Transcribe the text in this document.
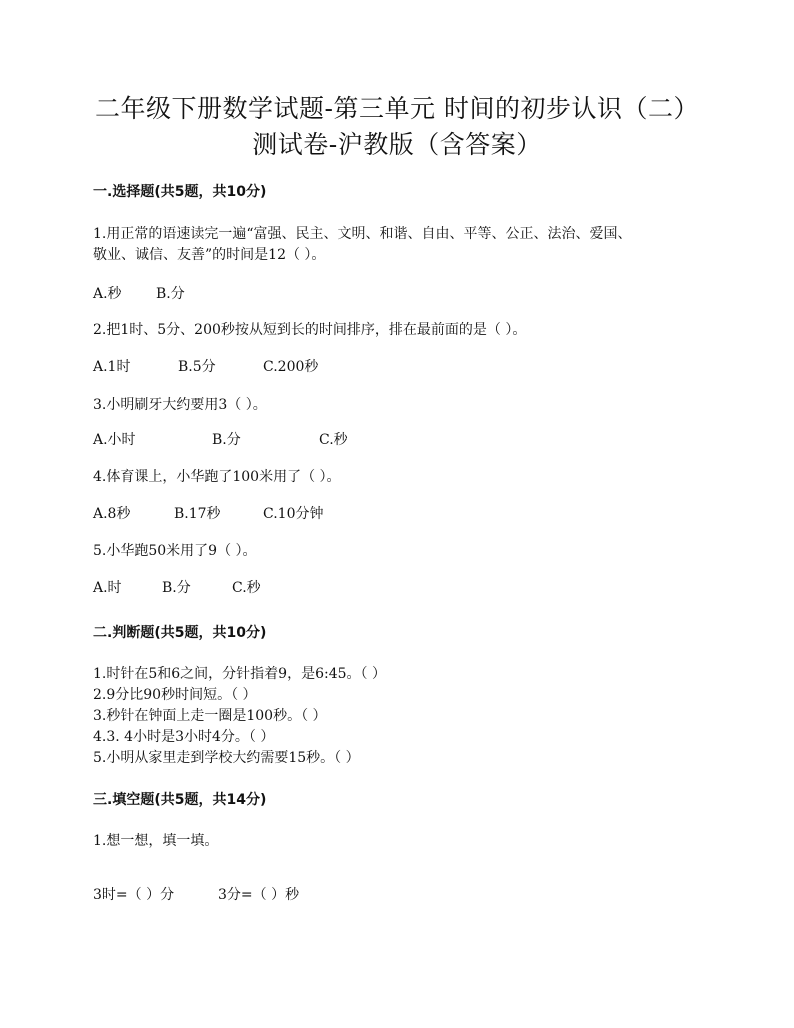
二年级下册数学试题-第三单元 时间的初步认识（二）
测试卷-沪教版（含答案）
一.选择题(共5题，共10分)
1.用正常的语速读完一遍“富强、民主、文明、和谐、自由、平等、公正、法治、爱国、
敬业、诚信、友善”的时间是12（ ）。
A.秒 B.分
2.把1时、5分、200秒按从短到长的时间排序，排在最前面的是（ ）。
A.1时	B.5分	C.200秒
3.小明刷牙大约要用3（ ）。
A.小时	B.分	C.秒
4.体育课上，小华跑了100米用了（ ）。
A.8秒	B.17秒	C.10分钟
5.小华跑50米用了9（ ）。
A.时	B.分	C.秒
二.判断题(共5题，共10分)
1.时针在5和6之间，分针指着9，是6:45。（ ）
2.9分比90秒时间短。（ ）
3.秒针在钟面上走一圈是100秒。（ ）
4.3. 4小时是3小时4分。（ ）
5.小明从家里走到学校大约需要15秒。（ ）
三.填空题(共5题，共14分)
1.想一想，填一填。
3时=（ ）分	3分=（ ）秒
